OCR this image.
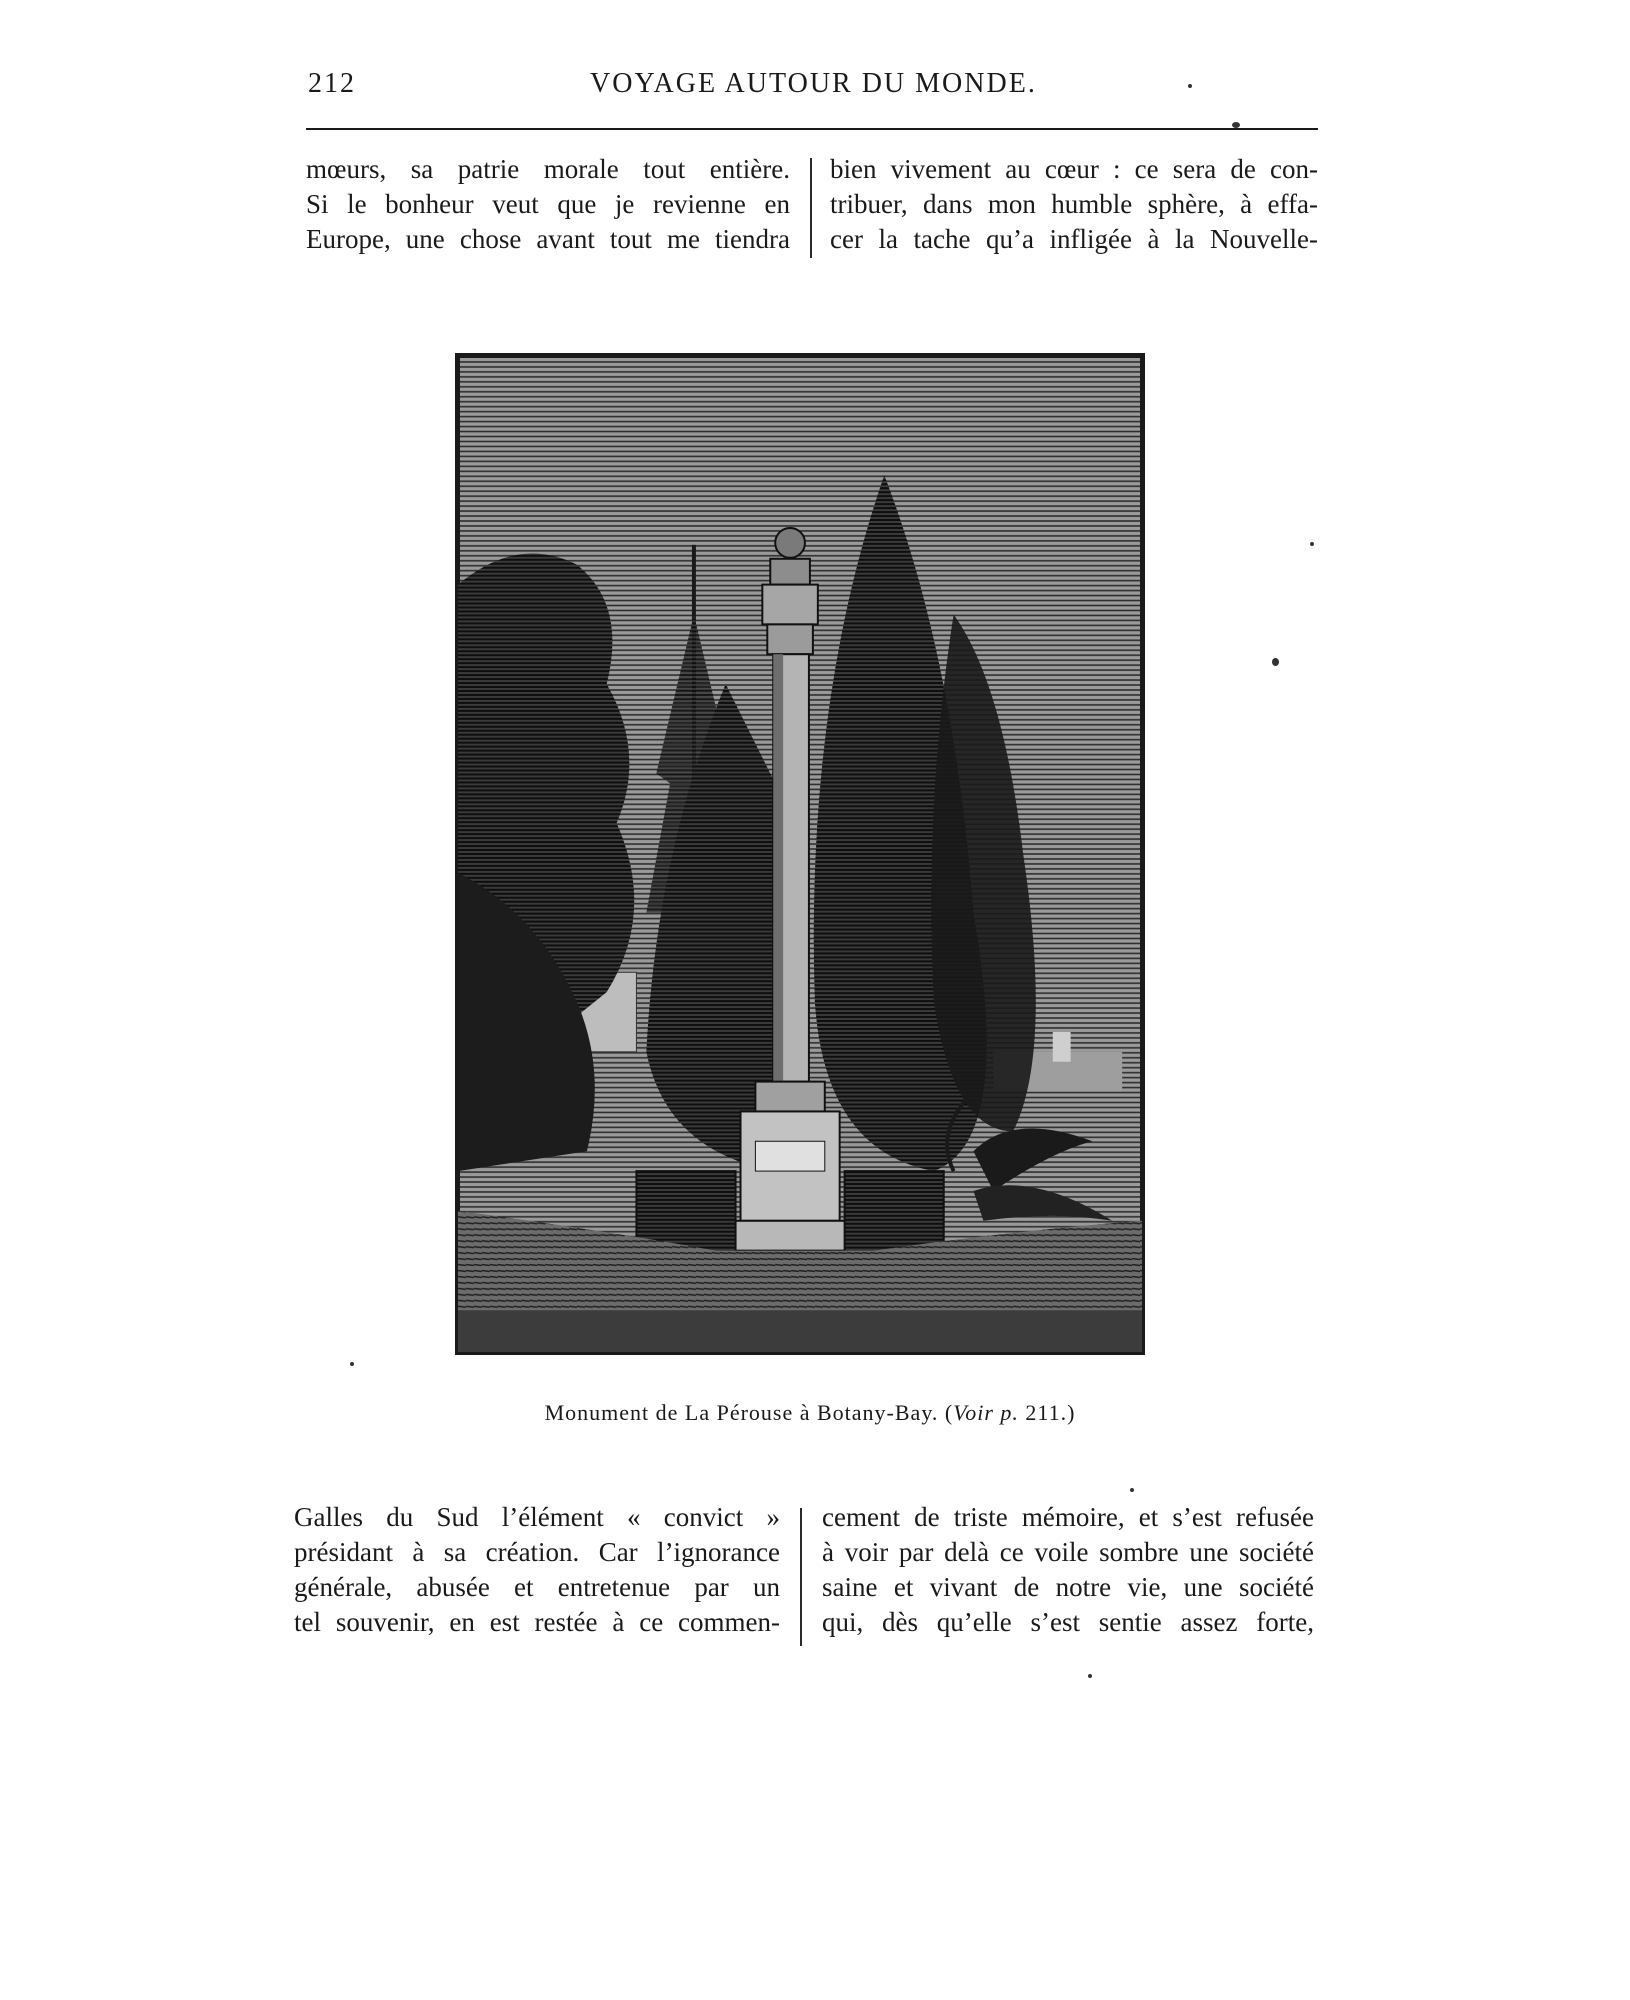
212	VOYAGE AUTOUR DU MONDE.
mœurs, sa patrie morale tout entière.
Si le bonheur veut que je revienne en
Europe, une chose avant tout me tiendra
bien vivement au cœur : ce sera de con-
tribuer, dans mon humble sphère, à effa-
cer la tache qu’a infligée à la Nouvelle-
Monument de La Pérouse à Botany-Bay. (Voir p. 211.)
Galles du Sud l’élément « convict »
présidant à sa création. Car l’ignorance
générale, abusée et entretenue par un
tel souvenir, en est restée à ce commen-
cement de triste mémoire, et s’est refusée
à voir par delà ce voile sombre une société
saine et vivant de notre vie, une société
qui, dès qu’elle s’est sentie assez forte,
